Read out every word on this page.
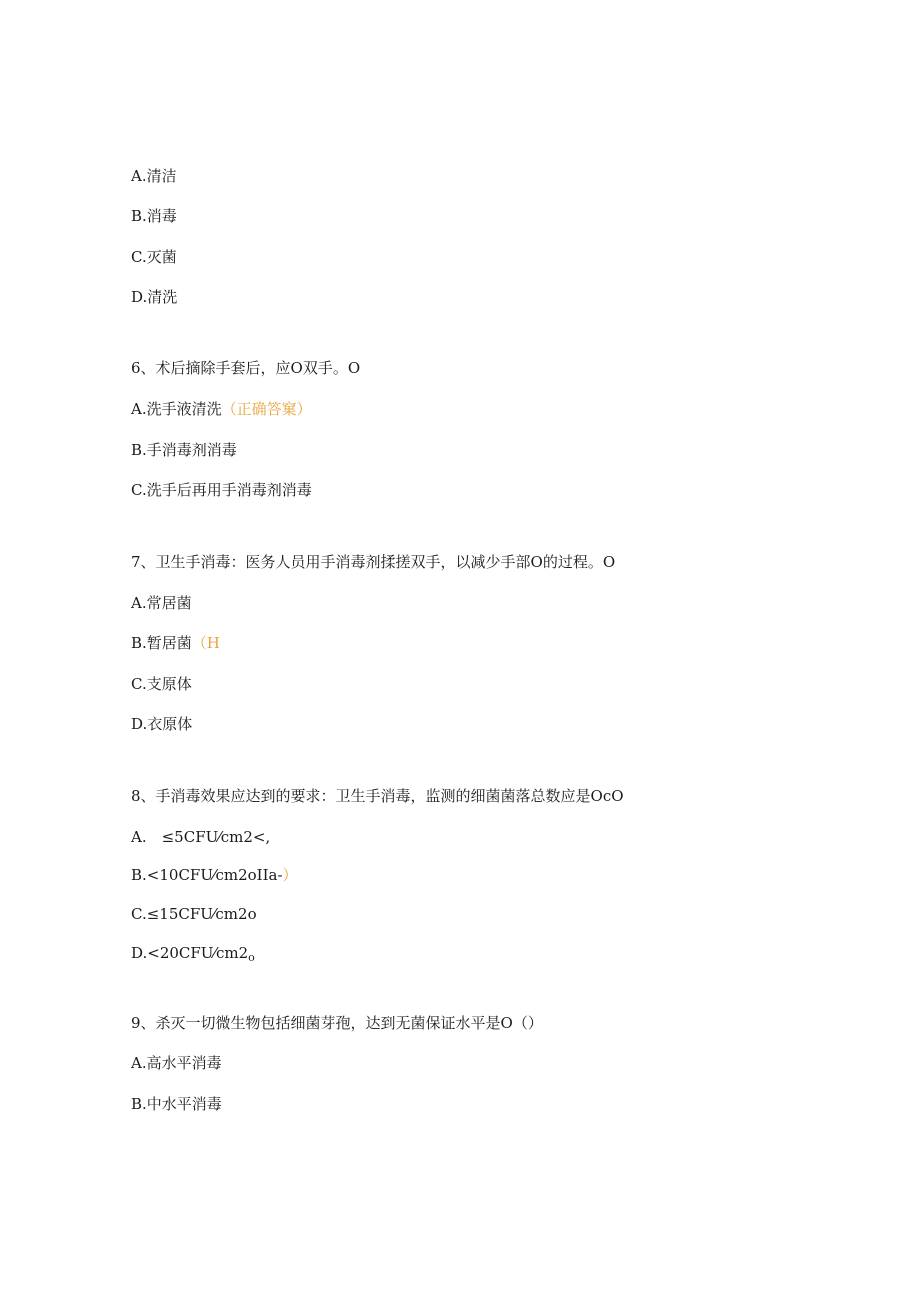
A.清洁
B.消毒
C.灭菌
D.清洗
6、术后摘除手套后，应O双手。O
A.洗手液清洗（正确答窠）
B.手消毒剂消毒
C.洗手后再用手消毒剂消毒
7、卫生手消毒：医务人员用手消毒剂揉搓双手，以减少手部O的过程。O
A.常居菌
B.暂居菌（H
C.支原体
D.衣原体
8、手消毒效果应达到的要求：卫生手消毒，监测的细菌菌落总数应是OcO
A.　≤5CFU⁄cm2<,
B.<10CFU⁄cm2oIIa-）
C.≤15CFU⁄cm2o
$D.<20CFU⁄cm2_o$
9、杀灭一切微生物包括细菌芽孢，达到无菌保证水平是O（）
A.高水平消毒
B.中水平消毒
